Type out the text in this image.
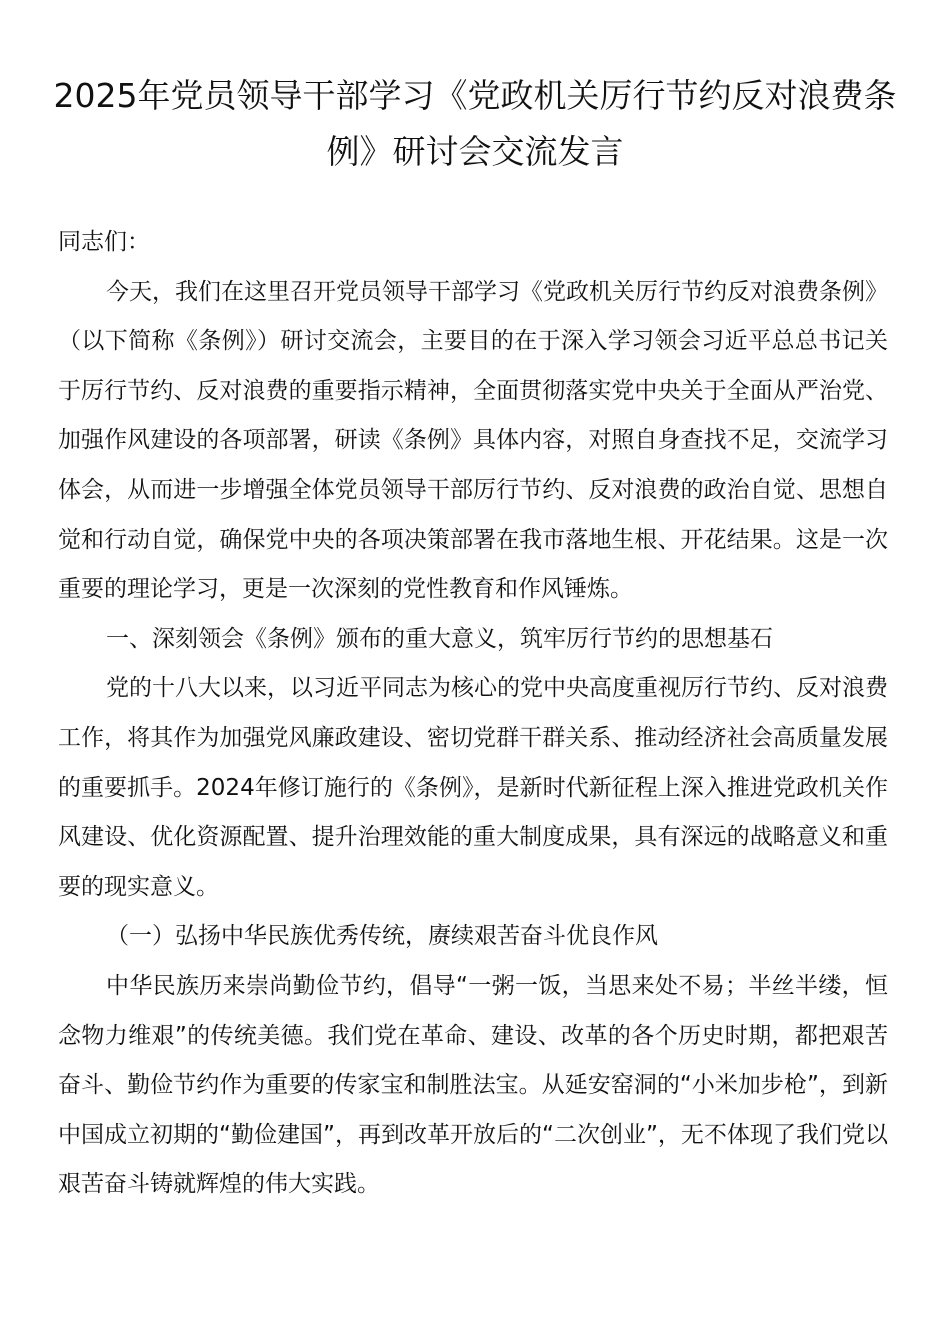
2025年党员领导干部学习《党政机关厉行节约反对浪费条例》研讨会交流发言

同志们：

今天，我们在这里召开党员领导干部学习《党政机关厉行节约反对浪费条例》（以下简称《条例》）研讨交流会，主要目的在于深入学习领会习近平总总书记关于厉行节约、反对浪费的重要指示精神，全面贯彻落实党中央关于全面从严治党、加强作风建设的各项部署，研读《条例》具体内容，对照自身查找不足，交流学习体会，从而进一步增强全体党员领导干部厉行节约、反对浪费的政治自觉、思想自觉和行动自觉，确保党中央的各项决策部署在我市落地生根、开花结果。这是一次重要的理论学习，更是一次深刻的党性教育和作风锤炼。

一、深刻领会《条例》颁布的重大意义，筑牢厉行节约的思想基石

党的十八大以来，以习近平同志为核心的党中央高度重视厉行节约、反对浪费工作，将其作为加强党风廉政建设、密切党群干群关系、推动经济社会高质量发展的重要抓手。2024年修订施行的《条例》，是新时代新征程上深入推进党政机关作风建设、优化资源配置、提升治理效能的重大制度成果，具有深远的战略意义和重要的现实意义。

（一）弘扬中华民族优秀传统，赓续艰苦奋斗优良作风

中华民族历来崇尚勤俭节约，倡导“一粥一饭，当思来处不易；半丝半缕，恒念物力维艰”的传统美德。我们党在革命、建设、改革的各个历史时期，都把艰苦奋斗、勤俭节约作为重要的传家宝和制胜法宝。从延安窑洞的“小米加步枪”，到新中国成立初期的“勤俭建国”，再到改革开放后的“二次创业”，无不体现了我们党以艰苦奋斗铸就辉煌的伟大实践。
